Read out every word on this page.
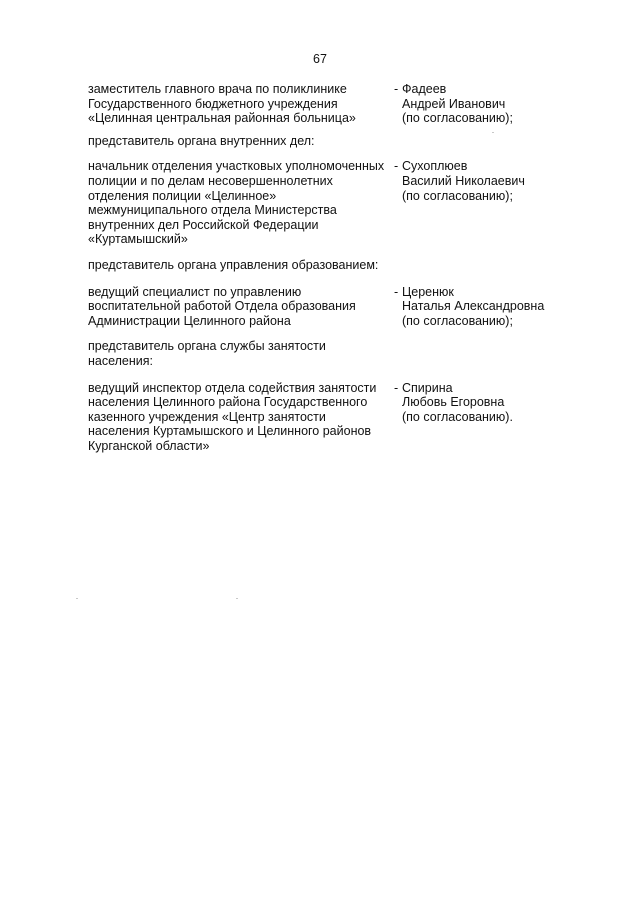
67
заместитель главного врача по поликлинике
Государственного бюджетного учреждения
«Целинная центральная районная больница»
- Фадеев
Андрей Иванович
(по согласованию);
представитель органа внутренних дел:
начальник отделения участковых уполномоченных
полиции и по делам несовершеннолетних
отделения полиции «Целинное»
межмуниципального отдела Министерства
внутренних дел Российской Федерации
«Куртамышский»
- Сухоплюев
Василий Николаевич
(по согласованию);
представитель органа управления образованием:
ведущий специалист по управлению
воспитательной работой Отдела образования
Администрации Целинного района
- Церенюк
Наталья Александровна
(по согласованию);
представитель органа службы занятости
населения:
ведущий инспектор отдела содействия занятости
населения Целинного района Государственного
казенного учреждения «Центр занятости
населения Куртамышского и Целинного районов
Курганской области»
- Спирина
Любовь Егоровна
(по согласованию).
